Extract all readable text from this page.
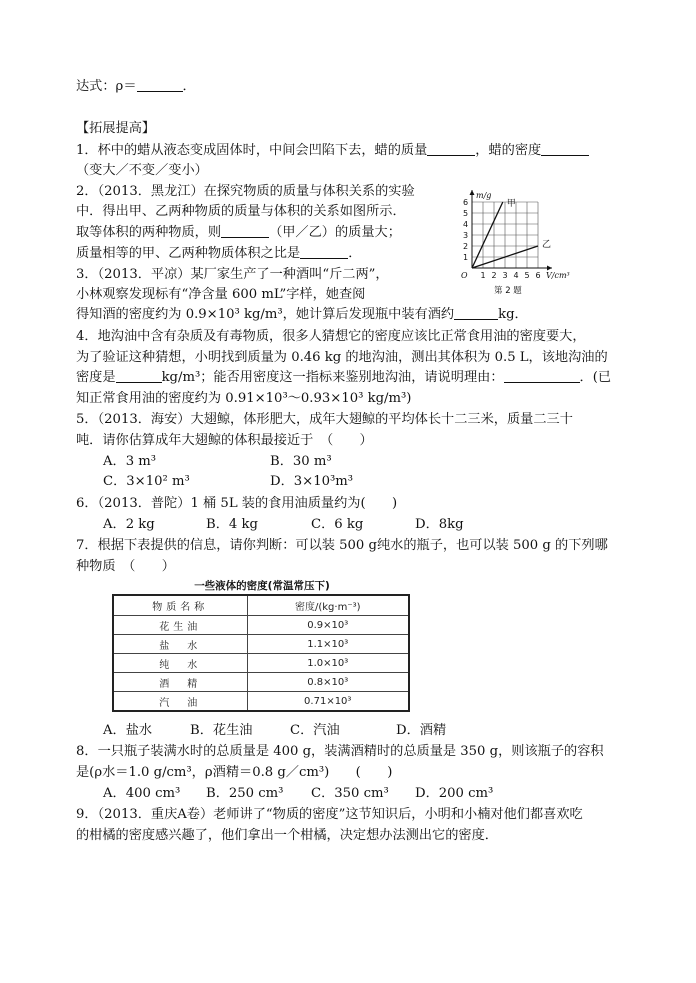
达式：ρ＝	．
【拓展提高】
1．杯中的蜡从液态变成固体时，中间会凹陷下去，蜡的质量	，蜡的密度
（变大／不变／变小）
2．（2013．黑龙江）在探究物质的质量与体积关系的实验
中．得出甲、乙两种物质的质量与体积的关系如图所示．
取等体积的两种物质，则	（甲／乙）的质量大；
质量相等的甲、乙两种物质体积之比是	．
甲
乙
1 2 3 4 5 6
1
2
3
4
5
6
O
m/g
V/cm³
第 2 题
3．（2013．平凉）某厂家生产了一种酒叫“斤二两”，
小林观察发现标有“净含量 600 mL”字样，她查阅
得知酒的密度约为 0.9×10³ kg/m³，她计算后发现瓶中装有酒约	kg．
4．地沟油中含有杂质及有毒物质，很多人猜想它的密度应该比正常食用油的密度要大，
为了验证这种猜想，小明找到质量为 0.46 kg 的地沟油，测出其体积为 0.5 L，该地沟油的
密度是	kg/m³；能否用密度这一指标来鉴别地沟油，请说明理由：	．(已
知正常食用油的密度约为 0.91×10³～0.93×10³ kg/m³)
5．（2013．海安）大翅鲸，体形肥大，成年大翅鲸的平均体长十二三米，质量二三十
吨．请你估算成年大翅鲸的体积最接近于　（　　）
A．3 m³	B．30 m³
C．3×10² m³	D．3×10³m³
6．（2013．普陀）1 桶 5L 装的食用油质量约为(　　)
A．2 kg	B．4 kg	C．6 kg	D．8kg
7．根据下表提供的信息，请你判断：可以装 500 g纯水的瓶子，也可以装 500 g 的下列哪
种物质　（　　）
一些液体的密度(常温常压下)
物质名称	密度/(kg·m⁻³)
花生油	0.9×10³
盐　水	1.1×10³
纯　水	1.0×10³
酒　精	0.8×10³
汽　油	0.71×10³
A．盐水	B．花生油	C．汽油	D．酒精
8．一只瓶子装满水时的总质量是 400 g，装满酒精时的总质量是 350 g，则该瓶子的容积
是(ρ水＝1.0 g/cm³，ρ酒精＝0.8 g／cm³)　　(　　)
A．400 cm³ B．250 cm³ C．350 cm³ D．200 cm³
9．（2013．重庆A卷）老师讲了“物质的密度”这节知识后，小明和小楠对他们都喜欢吃
的柑橘的密度感兴趣了，他们拿出一个柑橘，决定想办法测出它的密度．
